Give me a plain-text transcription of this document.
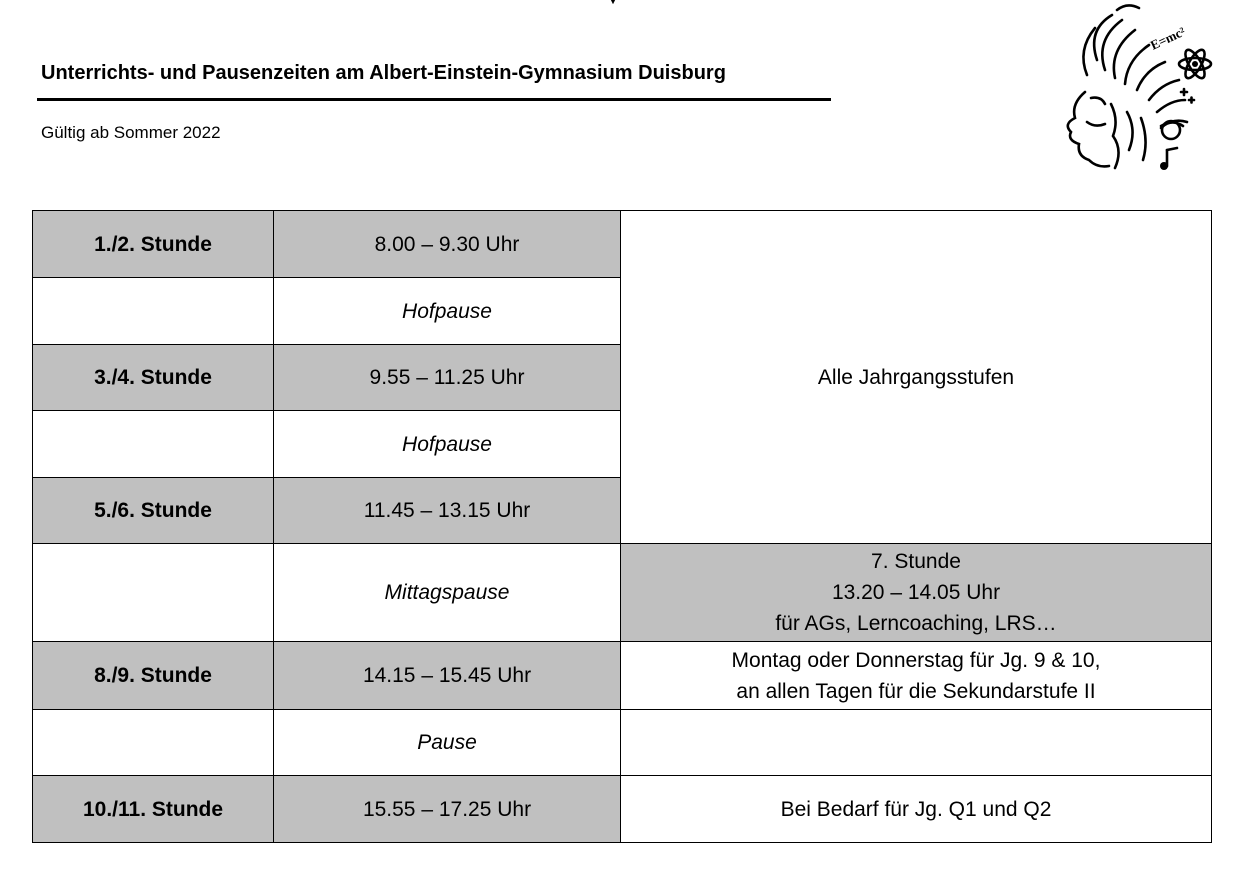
Unterrichts- und Pausenzeiten am Albert-Einstein-Gymnasium Duisburg
Gültig ab Sommer 2022
E=mc²
1./2. Stunde	8.00 – 9.30 Uhr	Alle Jahrgangsstufen
	Hofpause	
3./4. Stunde	9.55 – 11.25 Uhr	
	Hofpause	
5./6. Stunde	11.45 – 13.15 Uhr	
	Mittagspause	7. Stunde
13.20 – 14.05 Uhr
für AGs, Lerncoaching, LRS…

8./9. Stunde	14.15 – 15.45 Uhr	Montag oder Donnerstag für Jg. 9 & 10,
an allen Tagen für die Sekundarstufe II

	Pause	
10./11. Stunde	15.55 – 17.25 Uhr	Bei Bedarf für Jg. Q1 und Q2
